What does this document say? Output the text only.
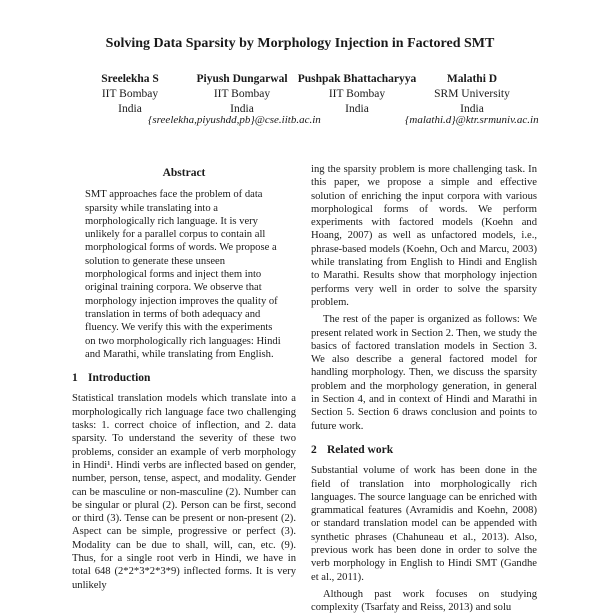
Solving Data Sparsity by Morphology Injection in Factored SMT
Sreelekha S
IIT Bombay
India
Piyush Dungarwal
IIT Bombay
India
Pushpak Bhattacharyya
IIT Bombay
India
Malathi D
SRM University
India
{sreelekha,piyushdd,pb}@cse.iitb.ac.in	{malathi.d}@ktr.srmuniv.ac.in
Abstract

SMT approaches face the problem of data sparsity while translating into a morphologically rich language. It is very unlikely for a parallel corpus to contain all morphological forms of words. We propose a solution to generate these unseen morphological forms and inject them into original training corpora. We observe that morphology injection improves the quality of translation in terms of both adequacy and fluency. We verify this with the experiments on two morphologically rich languages: Hindi and Marathi, while translating from English.

1 Introduction

Statistical translation models which translate into a morphologically rich language face two challenging tasks: 1. correct choice of inflection, and 2. data sparsity. To understand the severity of these two problems, consider an example of verb morphology in Hindi¹. Hindi verbs are inflected based on gender, number, person, tense, aspect, and modality. Gender can be masculine or non-masculine (2). Number can be singular or plural (2). Person can be first, second or third (3). Tense can be present or non-present (2). Aspect can be simple, progressive or perfect (3). Modality can be due to shall, will, can, etc. (9). Thus, for a single root verb in Hindi, we have in total 648 (2*2*3*2*3*9) inflected forms. It is very unlikely

ing the sparsity problem is more challenging task. In this paper, we propose a simple and effective solution of enriching the input corpora with various morphological forms of words. We perform experiments with factored models (Koehn and Hoang, 2007) as well as unfactored models, i.e., phrase-based models (Koehn, Och and Marcu, 2003) while translating from English to Hindi and English to Marathi. Results show that morphology injection performs very well in order to solve the sparsity problem.

The rest of the paper is organized as follows: We present related work in Section 2. Then, we study the basics of factored translation models in Section 3. We also describe a general factored model for handling morphology. Then, we discuss the sparsity problem and the morphology generation, in general in Section 4, and in context of Hindi and Marathi in Section 5. Section 6 draws conclusion and points to future work.

2 Related work

Substantial volume of work has been done in the field of translation into morphologically rich languages. The source language can be enriched with grammatical features (Avramidis and Koehn, 2008) or standard translation model can be appended with synthetic phrases (Chahuneau et al., 2013). Also, previous work has been done in order to solve the verb morphology in English to Hindi SMT (Gandhe et al., 2011).

Although past work focuses on studying complexity (Tsarfaty and Reiss, 2013) and solu
